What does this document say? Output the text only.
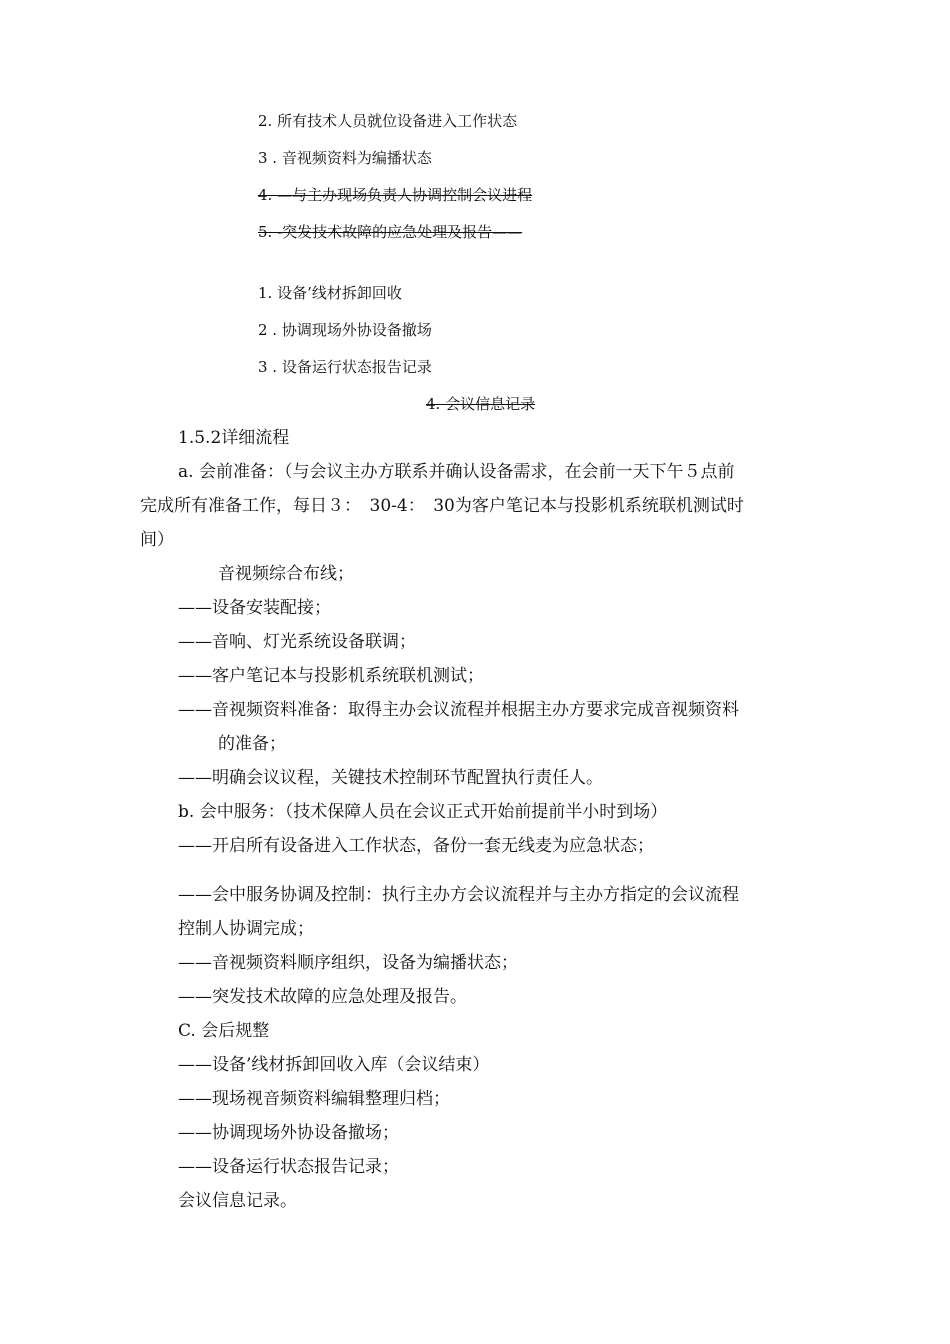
2. 所有技术人员就位设备进入工作状态
3 . 音视频资料为编播状态
4. —与主办现场负责人协调控制会议进程
5. -突发技术故障的应急处理及报告——
1. 设备’线材拆卸回收
2 . 协调现场外协设备撤场
3 . 设备运行状态报告记录
4. 会议信息记录
1.5.2详细流程
a. 会前准备：（与会议主办方联系并确认设备需求，在会前一天下午５点前
完成所有准备工作，每日３：　30-4：　30为客户笔记本与投影机系统联机测试时
间）
音视频综合布线；
——设备安装配接；
——音响、灯光系统设备联调；
——客户笔记本与投影机系统联机测试；
——音视频资料准备：取得主办会议流程并根据主办方要求完成音视频资料
的准备；
——明确会议议程，关键技术控制环节配置执行责任人。
b. 会中服务：（技术保障人员在会议正式开始前提前半小时到场）
——开启所有设备进入工作状态，备份一套无线麦为应急状态；
——会中服务协调及控制：执行主办方会议流程并与主办方指定的会议流程
控制人协调完成；
——音视频资料顺序组织，设备为编播状态；
——突发技术故障的应急处理及报告。
C. 会后规整
——设备’线材拆卸回收入库（会议结束）
——现场视音频资料编辑整理归档；
——协调现场外协设备撤场；
——设备运行状态报告记录；
会议信息记录。
